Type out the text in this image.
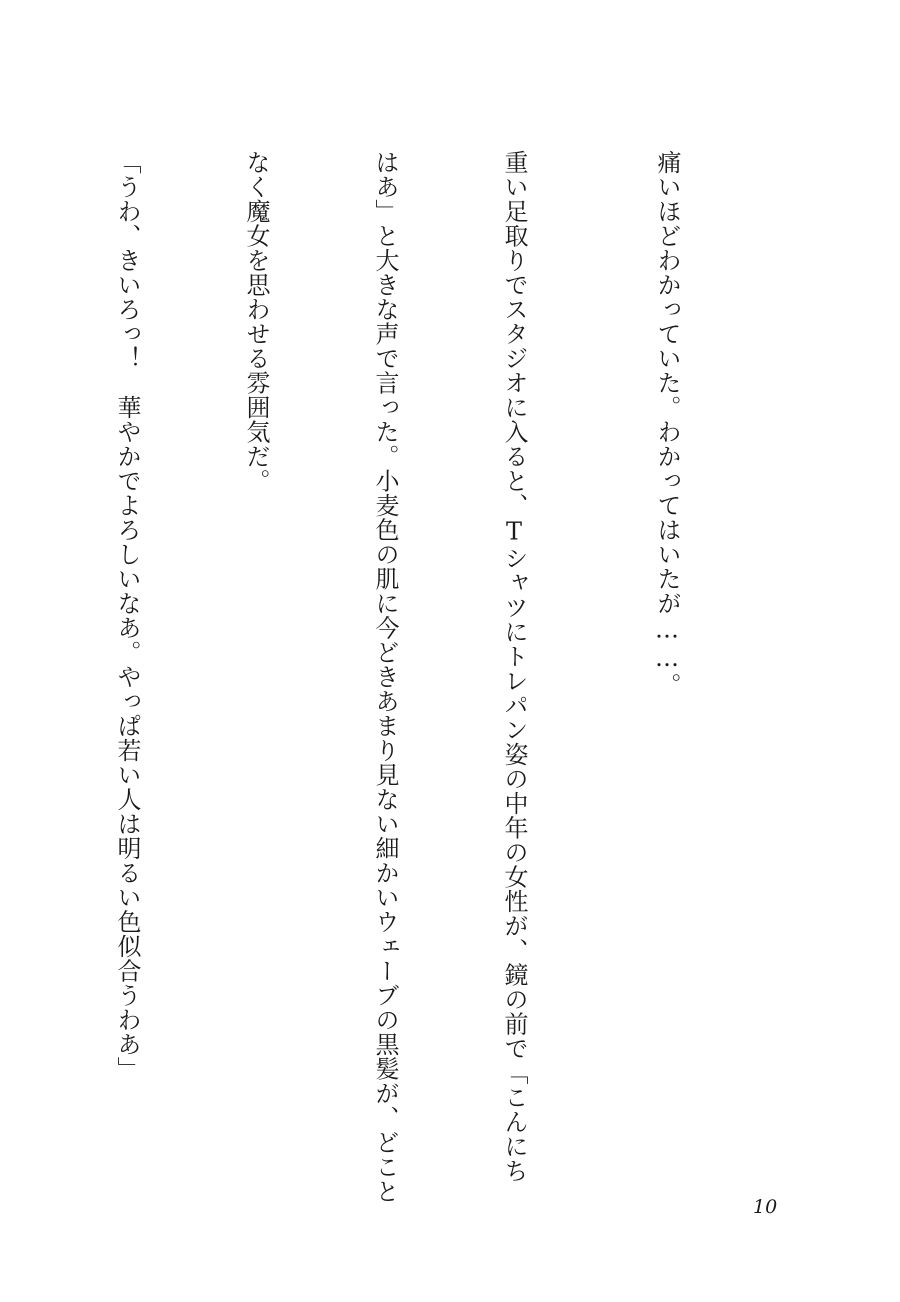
痛いほどわかっていた。わかってはいたが……。

重い足取りでスタジオに入ると、Tシャツにトレパン姿の中年の女性が、鏡の前で「こんにち

はあ」と大きな声で言った。小麦色の肌に今どきあまり見ない細かいウェーブの黒髪が、どこと

なく魔女を思わせる雰囲気だ。

「うわ、きいろっ！　華やかでよろしいなあ。やっぱ若い人は明るい色似合うわあ」

10
